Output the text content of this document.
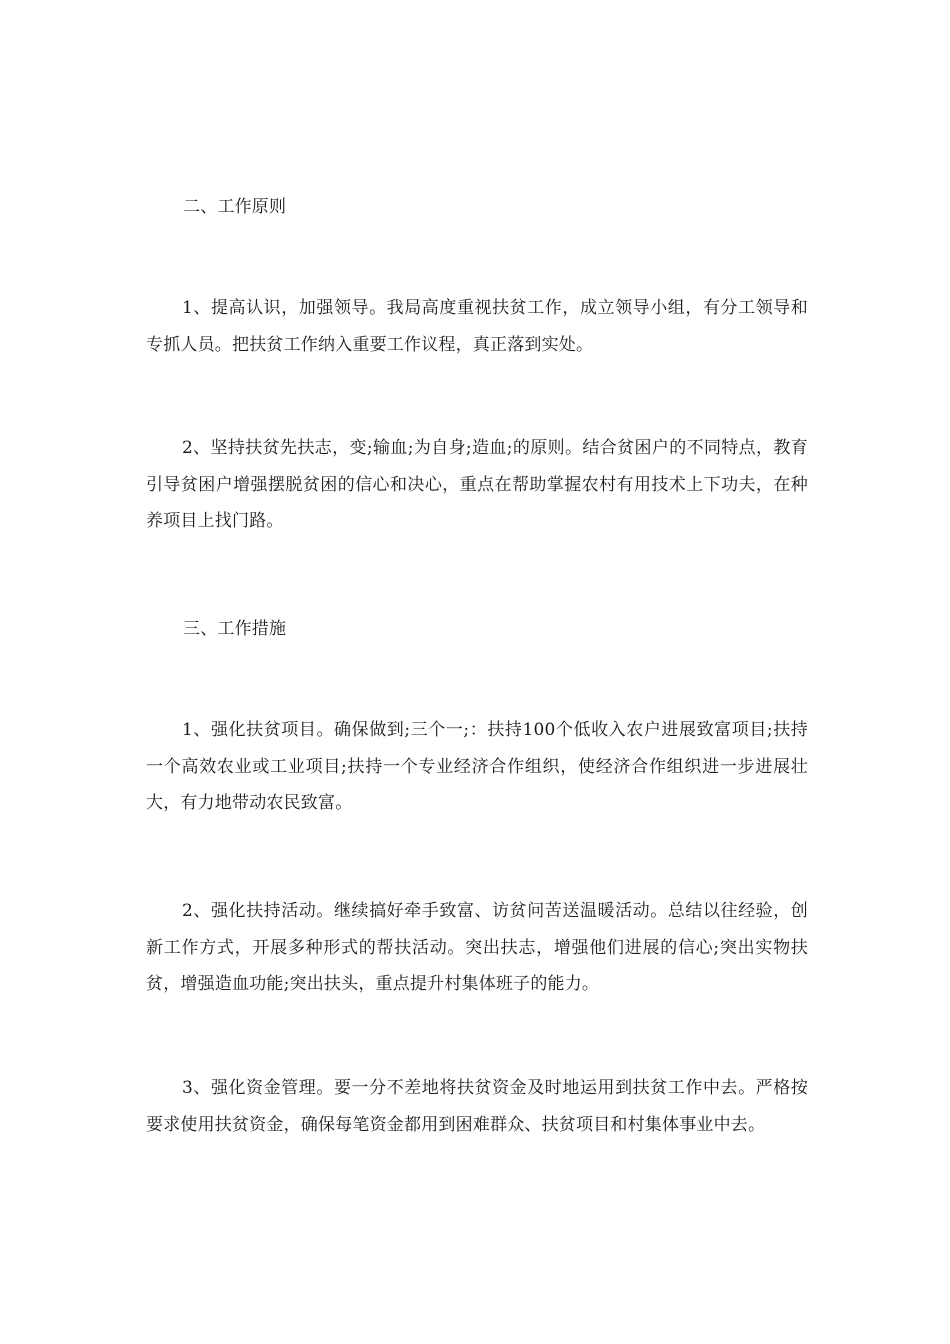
二、工作原则

1、提高认识，加强领导。我局高度重视扶贫工作，成立领导小组，有分工领导和专抓人员。把扶贫工作纳入重要工作议程，真正落到实处。

2、坚持扶贫先扶志，变;输血;为自身;造血;的原则。结合贫困户的不同特点，教育引导贫困户增强摆脱贫困的信心和决心，重点在帮助掌握农村有用技术上下功夫，在种养项目上找门路。

三、工作措施

1、强化扶贫项目。确保做到;三个一;：扶持100个低收入农户进展致富项目;扶持一个高效农业或工业项目;扶持一个专业经济合作组织，使经济合作组织进一步进展壮大，有力地带动农民致富。

2、强化扶持活动。继续搞好牵手致富、访贫问苦送温暖活动。总结以往经验，创新工作方式，开展多种形式的帮扶活动。突出扶志，增强他们进展的信心;突出实物扶贫，增强造血功能;突出扶头，重点提升村集体班子的能力。

3、强化资金管理。要一分不差地将扶贫资金及时地运用到扶贫工作中去。严格按要求使用扶贫资金，确保每笔资金都用到困难群众、扶贫项目和村集体事业中去。
